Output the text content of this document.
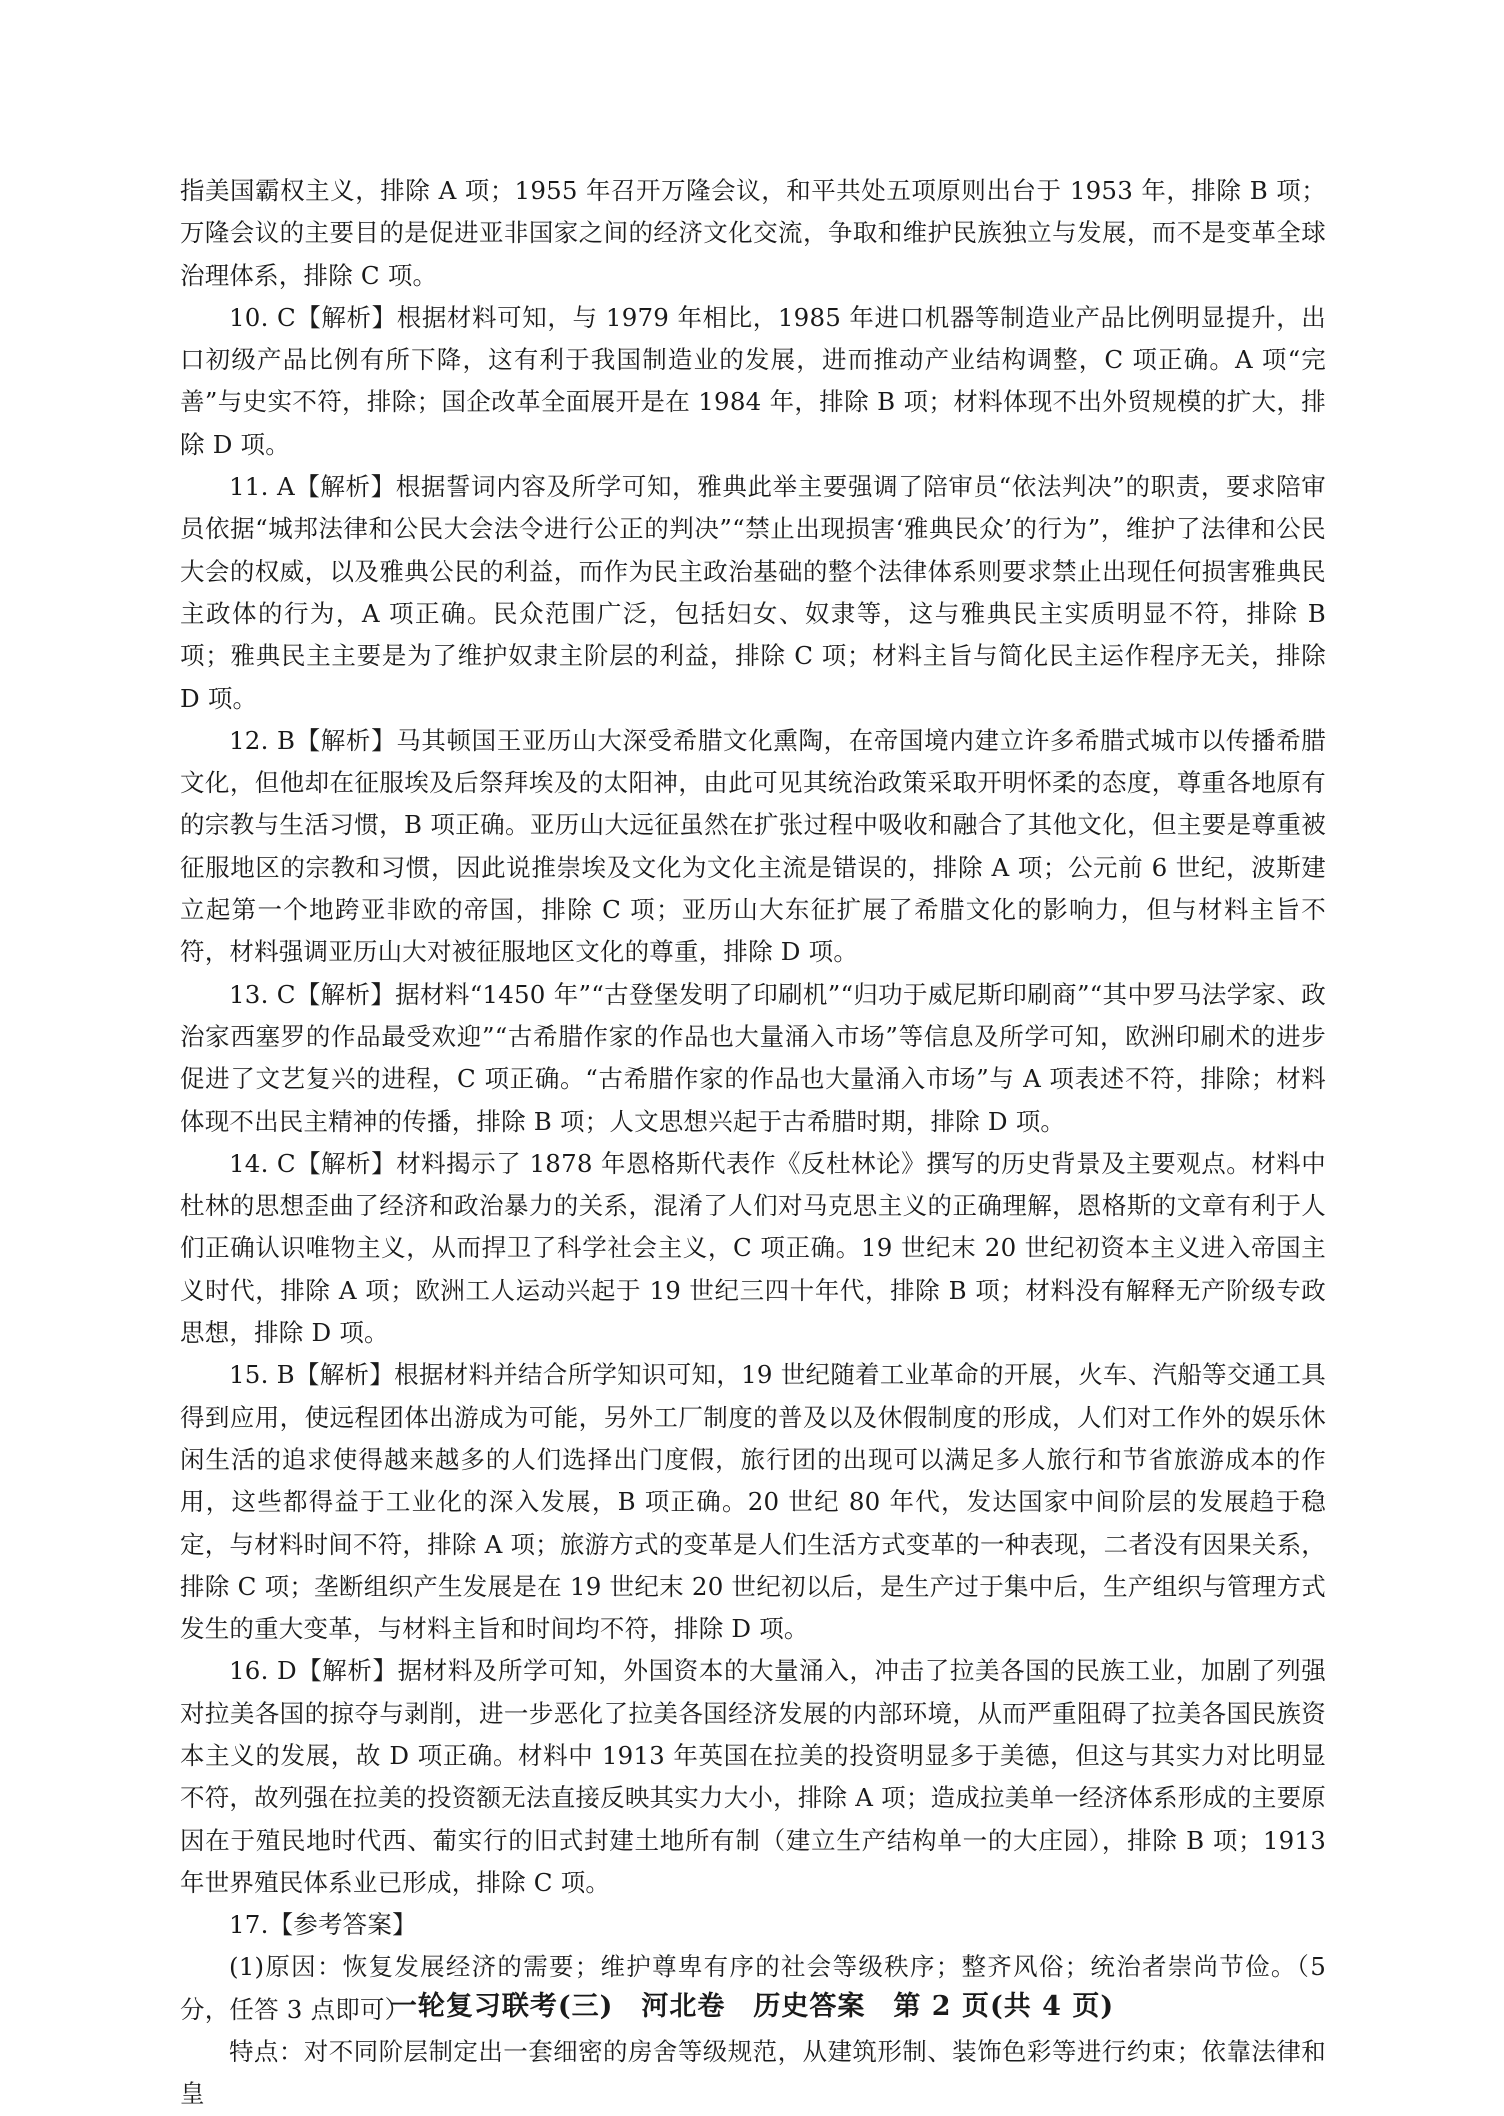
指美国霸权主义，排除 A 项；1955 年召开万隆会议，和平共处五项原则出台于 1953 年，排除 B 项；万隆会议的主要目的是促进亚非国家之间的经济文化交流，争取和维护民族独立与发展，而不是变革全球治理体系，排除 C 项。

10. C【解析】根据材料可知，与 1979 年相比，1985 年进口机器等制造业产品比例明显提升，出口初级产品比例有所下降，这有利于我国制造业的发展，进而推动产业结构调整，C 项正确。A 项“完善”与史实不符，排除；国企改革全面展开是在 1984 年，排除 B 项；材料体现不出外贸规模的扩大，排除 D 项。

11. A【解析】根据誓词内容及所学可知，雅典此举主要强调了陪审员“依法判决”的职责，要求陪审员依据“城邦法律和公民大会法令进行公正的判决”“禁止出现损害‘雅典民众’的行为”，维护了法律和公民大会的权威，以及雅典公民的利益，而作为民主政治基础的整个法律体系则要求禁止出现任何损害雅典民主政体的行为，A 项正确。民众范围广泛，包括妇女、奴隶等，这与雅典民主实质明显不符，排除 B 项；雅典民主主要是为了维护奴隶主阶层的利益，排除 C 项；材料主旨与简化民主运作程序无关，排除 D 项。

12. B【解析】马其顿国王亚历山大深受希腊文化熏陶，在帝国境内建立许多希腊式城市以传播希腊文化，但他却在征服埃及后祭拜埃及的太阳神，由此可见其统治政策采取开明怀柔的态度，尊重各地原有的宗教与生活习惯，B 项正确。亚历山大远征虽然在扩张过程中吸收和融合了其他文化，但主要是尊重被征服地区的宗教和习惯，因此说推崇埃及文化为文化主流是错误的，排除 A 项；公元前 6 世纪，波斯建立起第一个地跨亚非欧的帝国，排除 C 项；亚历山大东征扩展了希腊文化的影响力，但与材料主旨不符，材料强调亚历山大对被征服地区文化的尊重，排除 D 项。

13. C【解析】据材料“1450 年”“古登堡发明了印刷机”“归功于威尼斯印刷商”“其中罗马法学家、政治家西塞罗的作品最受欢迎”“古希腊作家的作品也大量涌入市场”等信息及所学可知，欧洲印刷术的进步促进了文艺复兴的进程，C 项正确。“古希腊作家的作品也大量涌入市场”与 A 项表述不符，排除；材料体现不出民主精神的传播，排除 B 项；人文思想兴起于古希腊时期，排除 D 项。

14. C【解析】材料揭示了 1878 年恩格斯代表作《反杜林论》撰写的历史背景及主要观点。材料中杜林的思想歪曲了经济和政治暴力的关系，混淆了人们对马克思主义的正确理解，恩格斯的文章有利于人们正确认识唯物主义，从而捍卫了科学社会主义，C 项正确。19 世纪末 20 世纪初资本主义进入帝国主义时代，排除 A 项；欧洲工人运动兴起于 19 世纪三四十年代，排除 B 项；材料没有解释无产阶级专政思想，排除 D 项。

15. B【解析】根据材料并结合所学知识可知，19 世纪随着工业革命的开展，火车、汽船等交通工具得到应用，使远程团体出游成为可能，另外工厂制度的普及以及休假制度的形成，人们对工作外的娱乐休闲生活的追求使得越来越多的人们选择出门度假，旅行团的出现可以满足多人旅行和节省旅游成本的作用，这些都得益于工业化的深入发展，B 项正确。20 世纪 80 年代，发达国家中间阶层的发展趋于稳定，与材料时间不符，排除 A 项；旅游方式的变革是人们生活方式变革的一种表现，二者没有因果关系，排除 C 项；垄断组织产生发展是在 19 世纪末 20 世纪初以后，是生产过于集中后，生产组织与管理方式发生的重大变革，与材料主旨和时间均不符，排除 D 项。

16. D【解析】据材料及所学可知，外国资本的大量涌入，冲击了拉美各国的民族工业，加剧了列强对拉美各国的掠夺与剥削，进一步恶化了拉美各国经济发展的内部环境，从而严重阻碍了拉美各国民族资本主义的发展，故 D 项正确。材料中 1913 年英国在拉美的投资明显多于美德，但这与其实力对比明显不符，故列强在拉美的投资额无法直接反映其实力大小，排除 A 项；造成拉美单一经济体系形成的主要原因在于殖民地时代西、葡实行的旧式封建土地所有制（建立生产结构单一的大庄园），排除 B 项；1913 年世界殖民体系业已形成，排除 C 项。

17.【参考答案】

(1)原因：恢复发展经济的需要；维护尊卑有序的社会等级秩序；整齐风俗；统治者崇尚节俭。（5 分，任答 3 点即可）

特点：对不同阶层制定出一套细密的房舍等级规范，从建筑形制、装饰色彩等进行约束；依靠法律和皇

一轮复习联考(三)　河北卷　历史答案　第 2 页(共 4 页)
